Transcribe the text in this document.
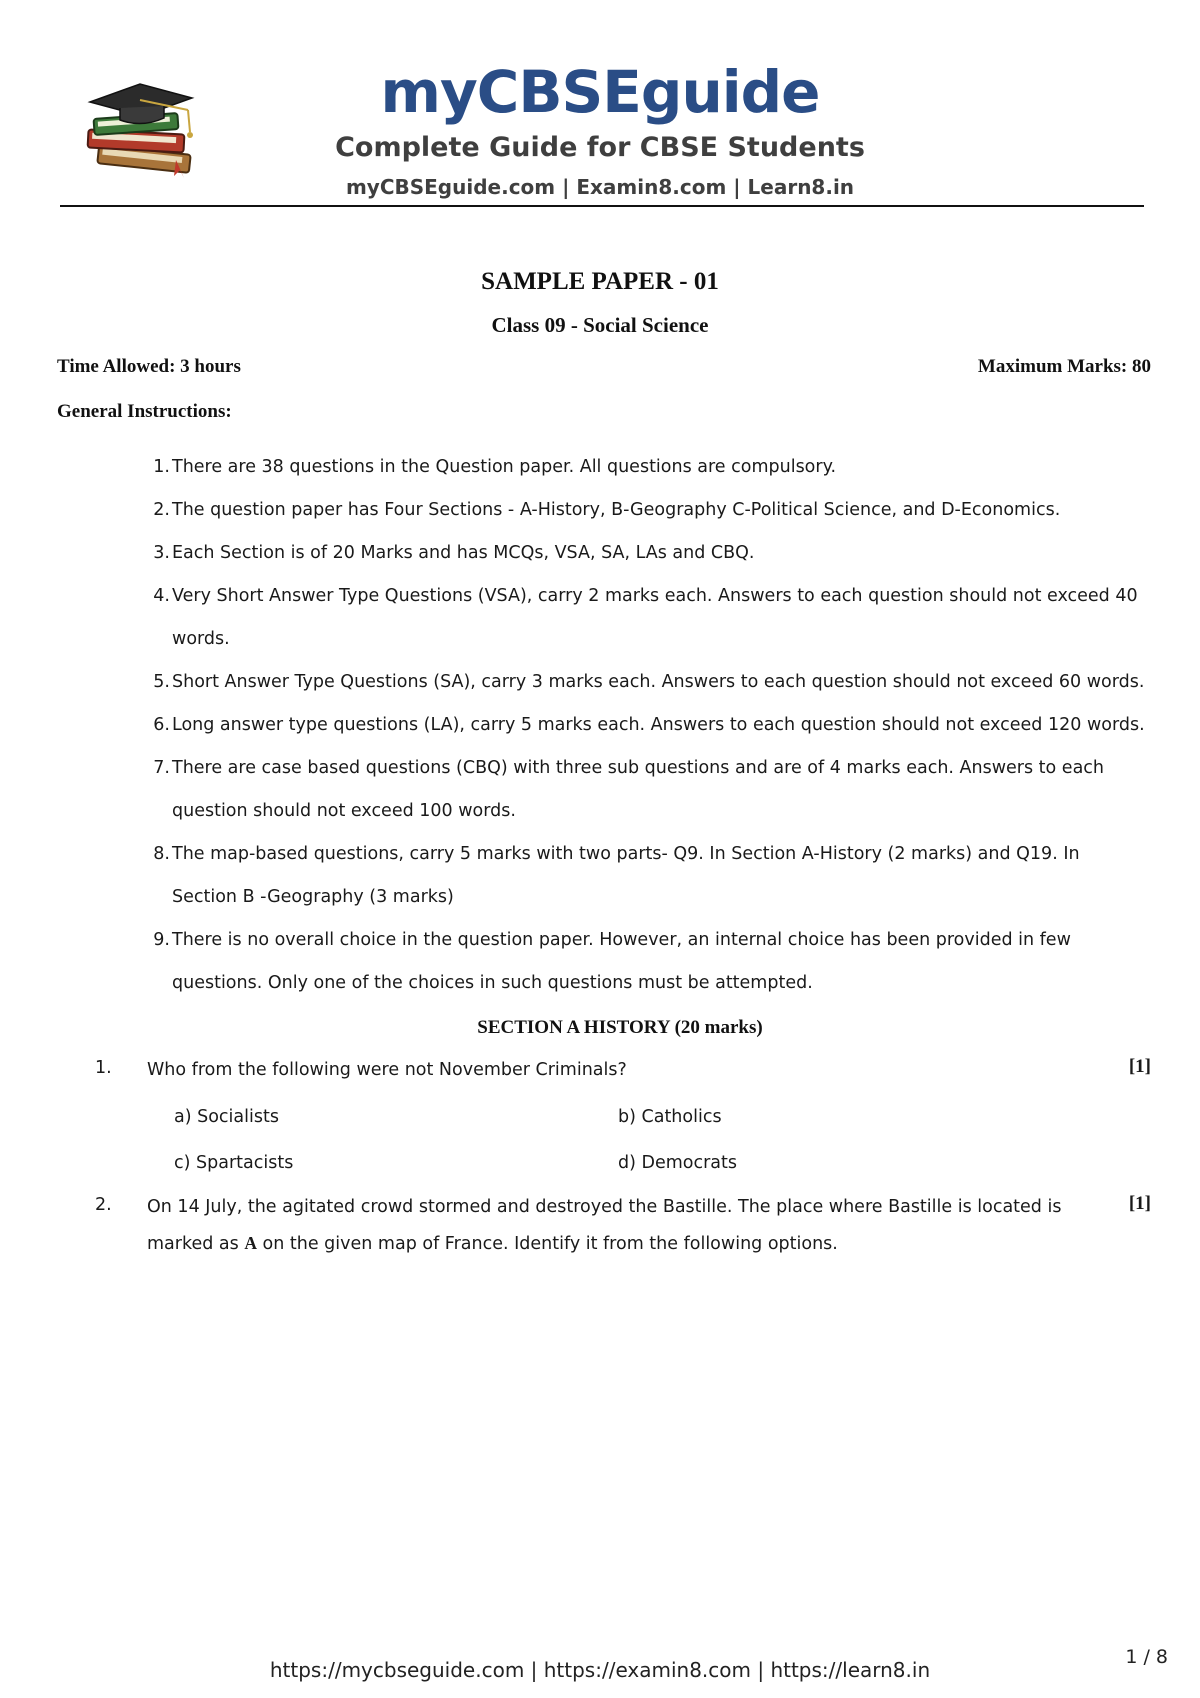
myCBSEguide
Complete Guide for CBSE Students
myCBSEguide.com | Examin8.com | Learn8.in
SAMPLE PAPER - 01
Class 09 - Social Science
Time Allowed: 3 hours	Maximum Marks: 80
General Instructions:
1. There are 38 questions in the Question paper. All questions are compulsory.
2. The question paper has Four Sections - A-History, B-Geography C-Political Science, and D-Economics.
3. Each Section is of 20 Marks and has MCQs, VSA, SA, LAs and CBQ.
4. Very Short Answer Type Questions (VSA), carry 2 marks each. Answers to each question should not exceed 40 words.
5. Short Answer Type Questions (SA), carry 3 marks each. Answers to each question should not exceed 60 words.
6. Long answer type questions (LA), carry 5 marks each. Answers to each question should not exceed 120 words.
7. There are case based questions (CBQ) with three sub questions and are of 4 marks each. Answers to each question should not exceed 100 words.
8. The map-based questions, carry 5 marks with two parts- Q9. In Section A-History (2 marks) and Q19. In Section B -Geography (3 marks)
9. There is no overall choice in the question paper. However, an internal choice has been provided in few questions. Only one of the choices in such questions must be attempted.
SECTION A HISTORY (20 marks)
1. Who from the following were not November Criminals?	[1]
a) Socialists	b) Catholics
c) Spartacists	d) Democrats
2. On 14 July, the agitated crowd stormed and destroyed the Bastille. The place where Bastille is located is marked as A on the given map of France. Identify it from the following options.
[1]
https://mycbseguide.com | https://examin8.com | https://learn8.in
1 / 8
